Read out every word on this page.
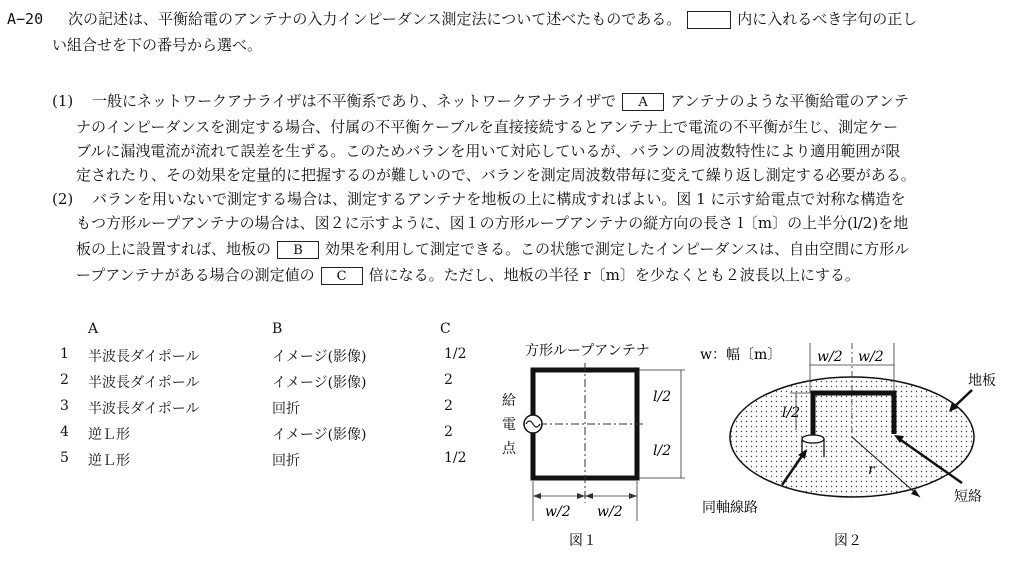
A−20 次の記述は、平衡給電のアンテナの入力インピーダンス測定法について述べたものである。	内に入れるべき字句の正し
い組合せを下の番号から選べ。
(1) 一般にネットワークアナライザは不平衡系であり、ネットワークアナライザで A アンテナのような平衡給電のアンテ
ナのインピーダンスを測定する場合、付属の不平衡ケーブルを直接接続するとアンテナ上で電流の不平衡が生じ、測定ケー
ブルに漏洩電流が流れて誤差を生ずる。このためバランを用いて対応しているが、バランの周波数特性により適用範囲が限
定されたり、その効果を定量的に把握するのが難しいので、バランを測定周波数帯毎に変えて繰り返し測定する必要がある。
(2) バランを用いないで測定する場合は、測定するアンテナを地板の上に構成すればよい。図 1 に示す給電点で対称な構造を
もつ方形ループアンテナの場合は、図２に示すように、図１の方形ループアンテナの縦方向の長さ l〔m〕の上半分(l/2)を地
板の上に設置すれば、地板の B 効果を利用して測定できる。この状態で測定したインピーダンスは、自由空間に方形ル
ープアンテナがある場合の測定値の C 倍になる。ただし、地板の半径 r〔m〕を少なくとも２波長以上にする。
A	B	C
1 半波長ダイポール	イメージ(影像)	1/2
2 半波長ダイポール	イメージ(影像)	2
3 半波長ダイポール	回折	2
4 逆Ｌ形	イメージ(影像)	2
5 逆Ｌ形	回折	1/2
方形ループアンテナ
給
電
点
l/2
l/2
w/2 w/2
図１
w：幅〔m〕	w/2 w/2
l/2
r
地板
同軸線路
短絡
図２
